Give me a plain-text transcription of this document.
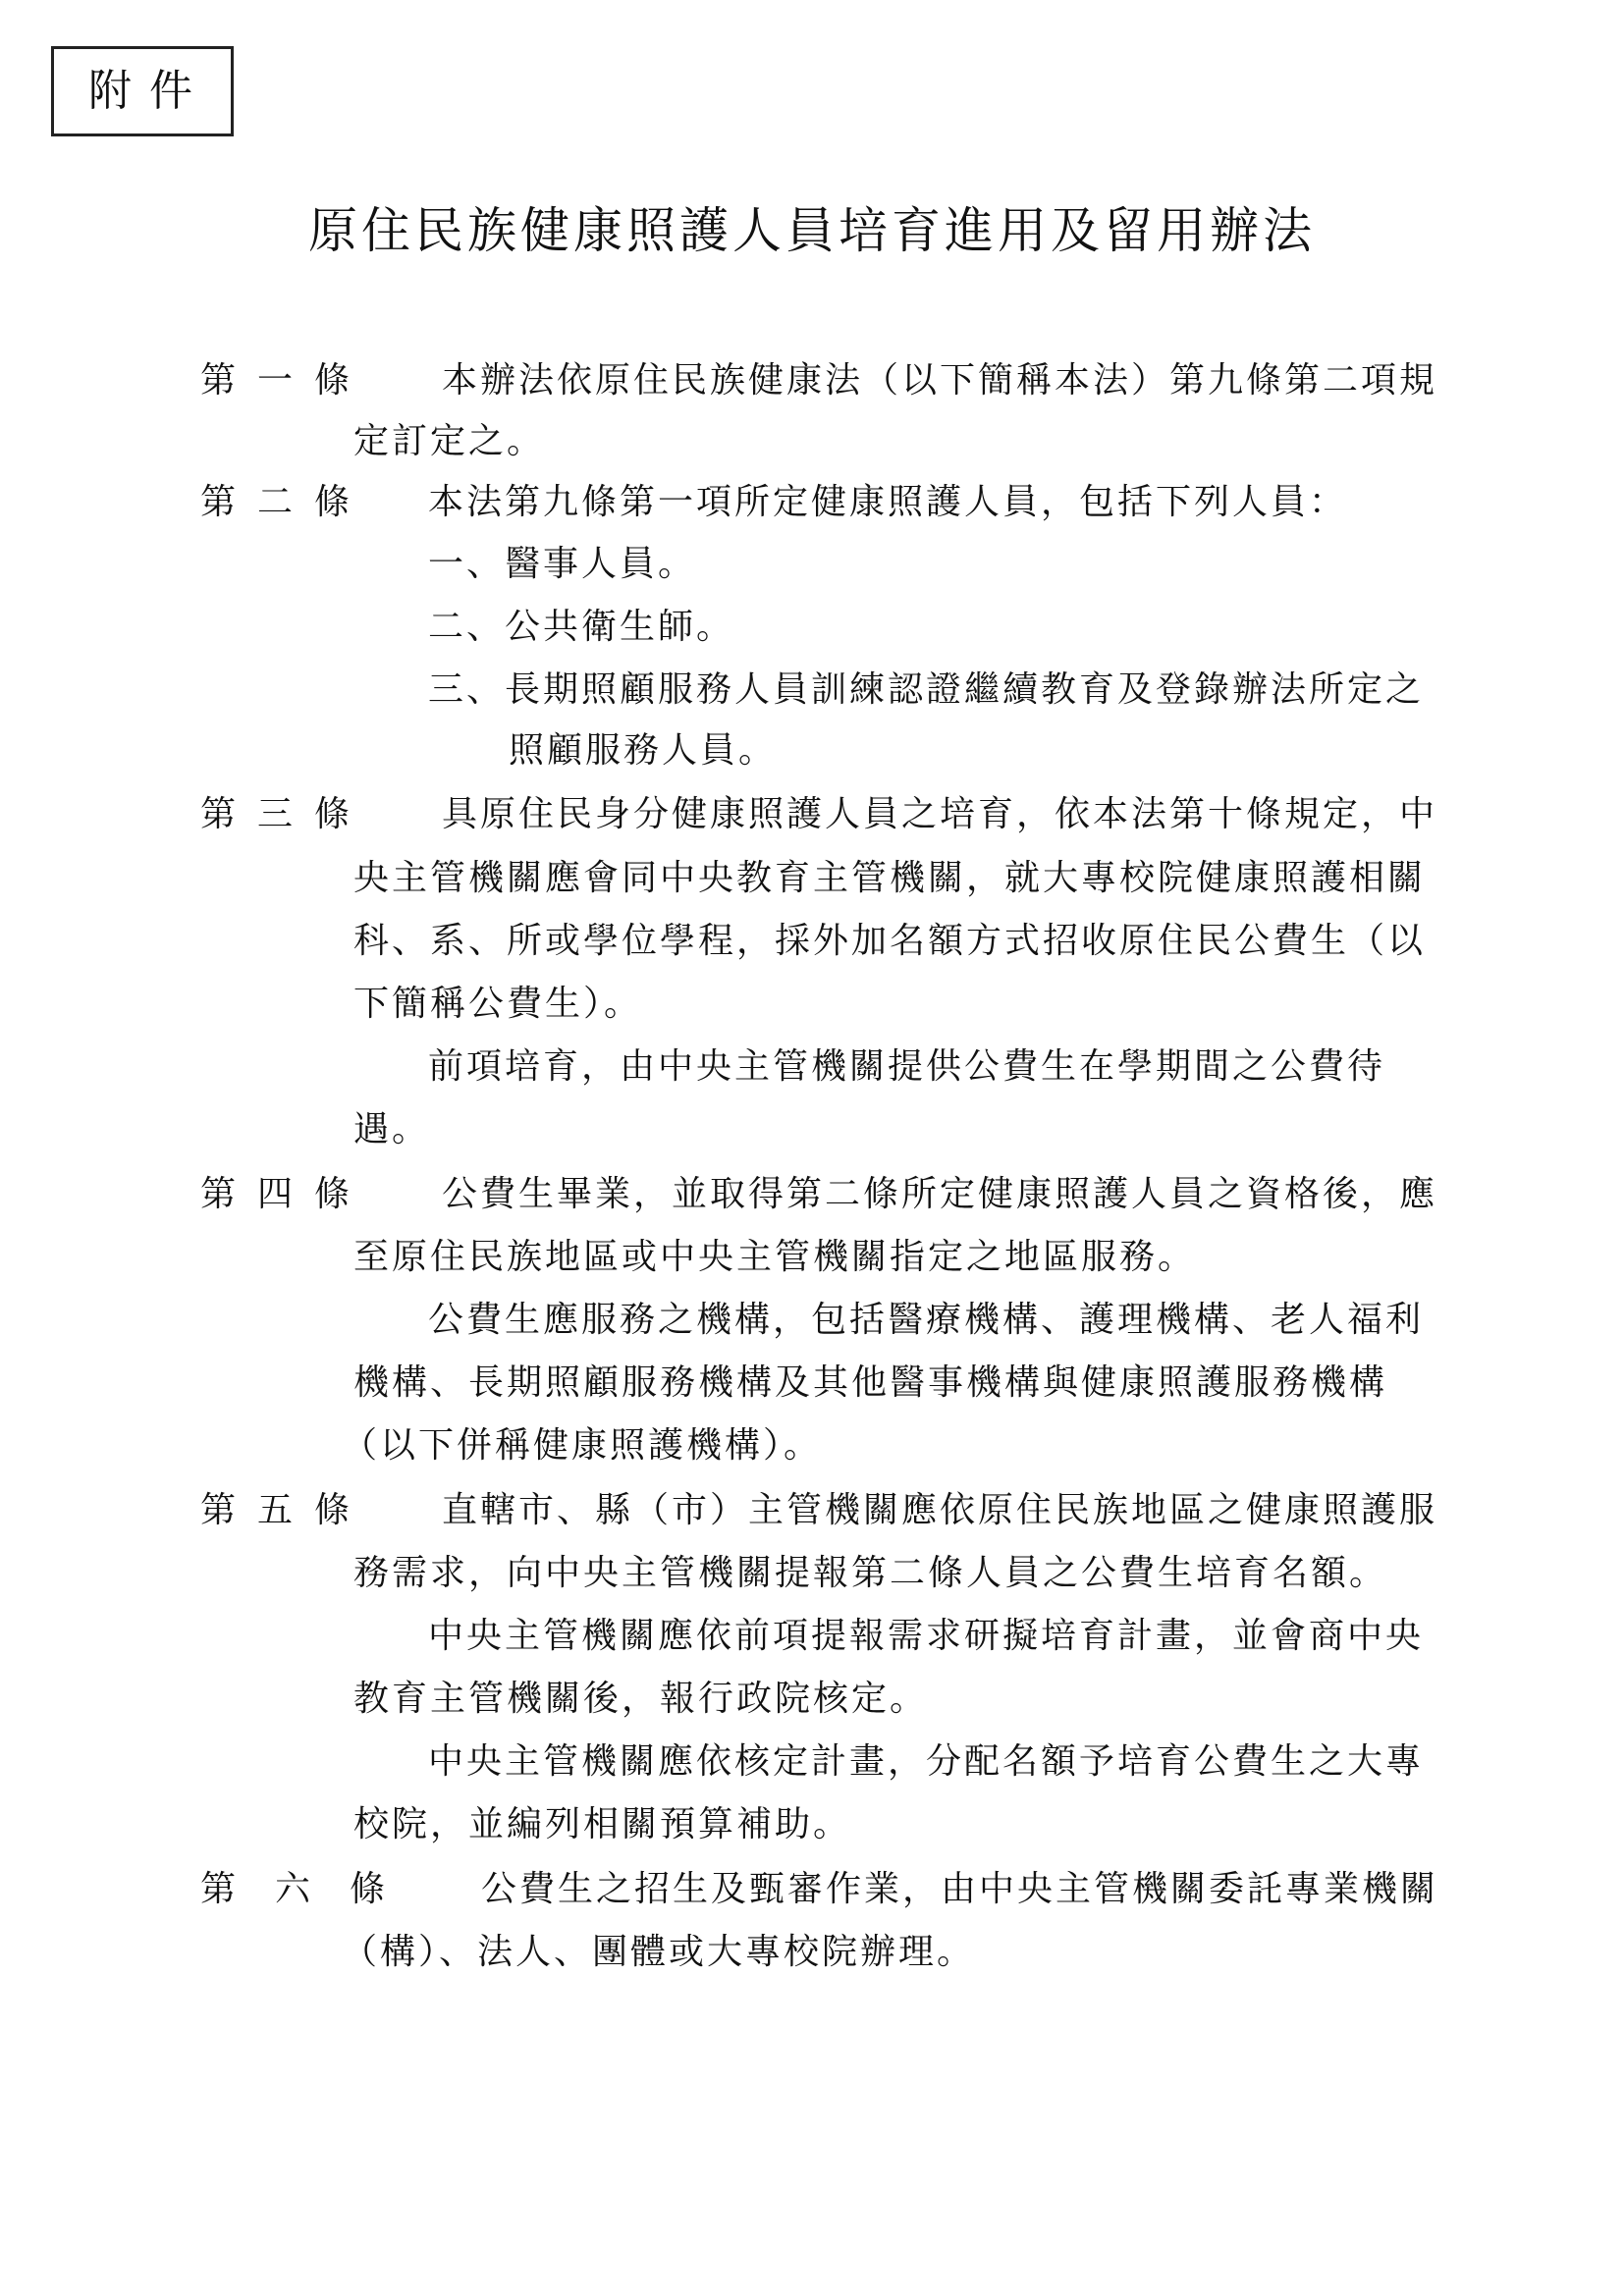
附件
原住民族健康照護人員培育進用及留用辦法
第一條 本辦法依原住民族健康法（以下簡稱本法）第九條第二項規
定訂定之。
第二條 本法第九條第一項所定健康照護人員，包括下列人員：
一、醫事人員。
二、公共衛生師。
三、長期照顧服務人員訓練認證繼續教育及登錄辦法所定之
照顧服務人員。
第三條 具原住民身分健康照護人員之培育，依本法第十條規定，中
央主管機關應會同中央教育主管機關，就大專校院健康照護相關
科、系、所或學位學程，採外加名額方式招收原住民公費生（以
下簡稱公費生）。
前項培育，由中央主管機關提供公費生在學期間之公費待
遇。
第四條 公費生畢業，並取得第二條所定健康照護人員之資格後，應
至原住民族地區或中央主管機關指定之地區服務。
公費生應服務之機構，包括醫療機構、護理機構、老人福利
機構、長期照顧服務機構及其他醫事機構與健康照護服務機構
（以下併稱健康照護機構）。
第五條 直轄市、縣（市）主管機關應依原住民族地區之健康照護服
務需求，向中央主管機關提報第二條人員之公費生培育名額。
中央主管機關應依前項提報需求研擬培育計畫，並會商中央
教育主管機關後，報行政院核定。
中央主管機關應依核定計畫，分配名額予培育公費生之大專
校院，並編列相關預算補助。
第六條 公費生之招生及甄審作業，由中央主管機關委託專業機關
（構）、法人、團體或大專校院辦理。
